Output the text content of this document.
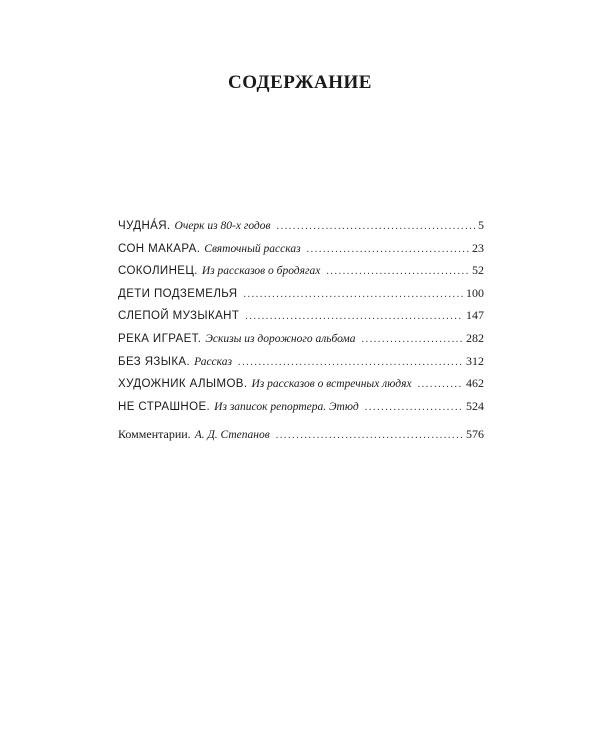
СОДЕРЖАНИЕ
ЧУДНА́Я. Очерк из 80-х годов .....	5
СОН МАКАРА. Святочный рассказ .....	23
СОКОЛИНЕЦ. Из рассказов о бродягах .....	52
ДЕТИ ПОДЗЕМЕЛЬЯ .....	100
СЛЕПОЙ МУЗЫКАНТ .....	147
РЕКА ИГРАЕТ. Эскизы из дорожного альбома .....	282
БЕЗ ЯЗЫКА. Рассказ .....	312
ХУДОЖНИК АЛЫМОВ. Из рассказов о встречных людях .....	462
НЕ СТРАШНОЕ. Из записок репортера. Этюд .....	524
Комментарии. А. Д. Степанов .....	576
